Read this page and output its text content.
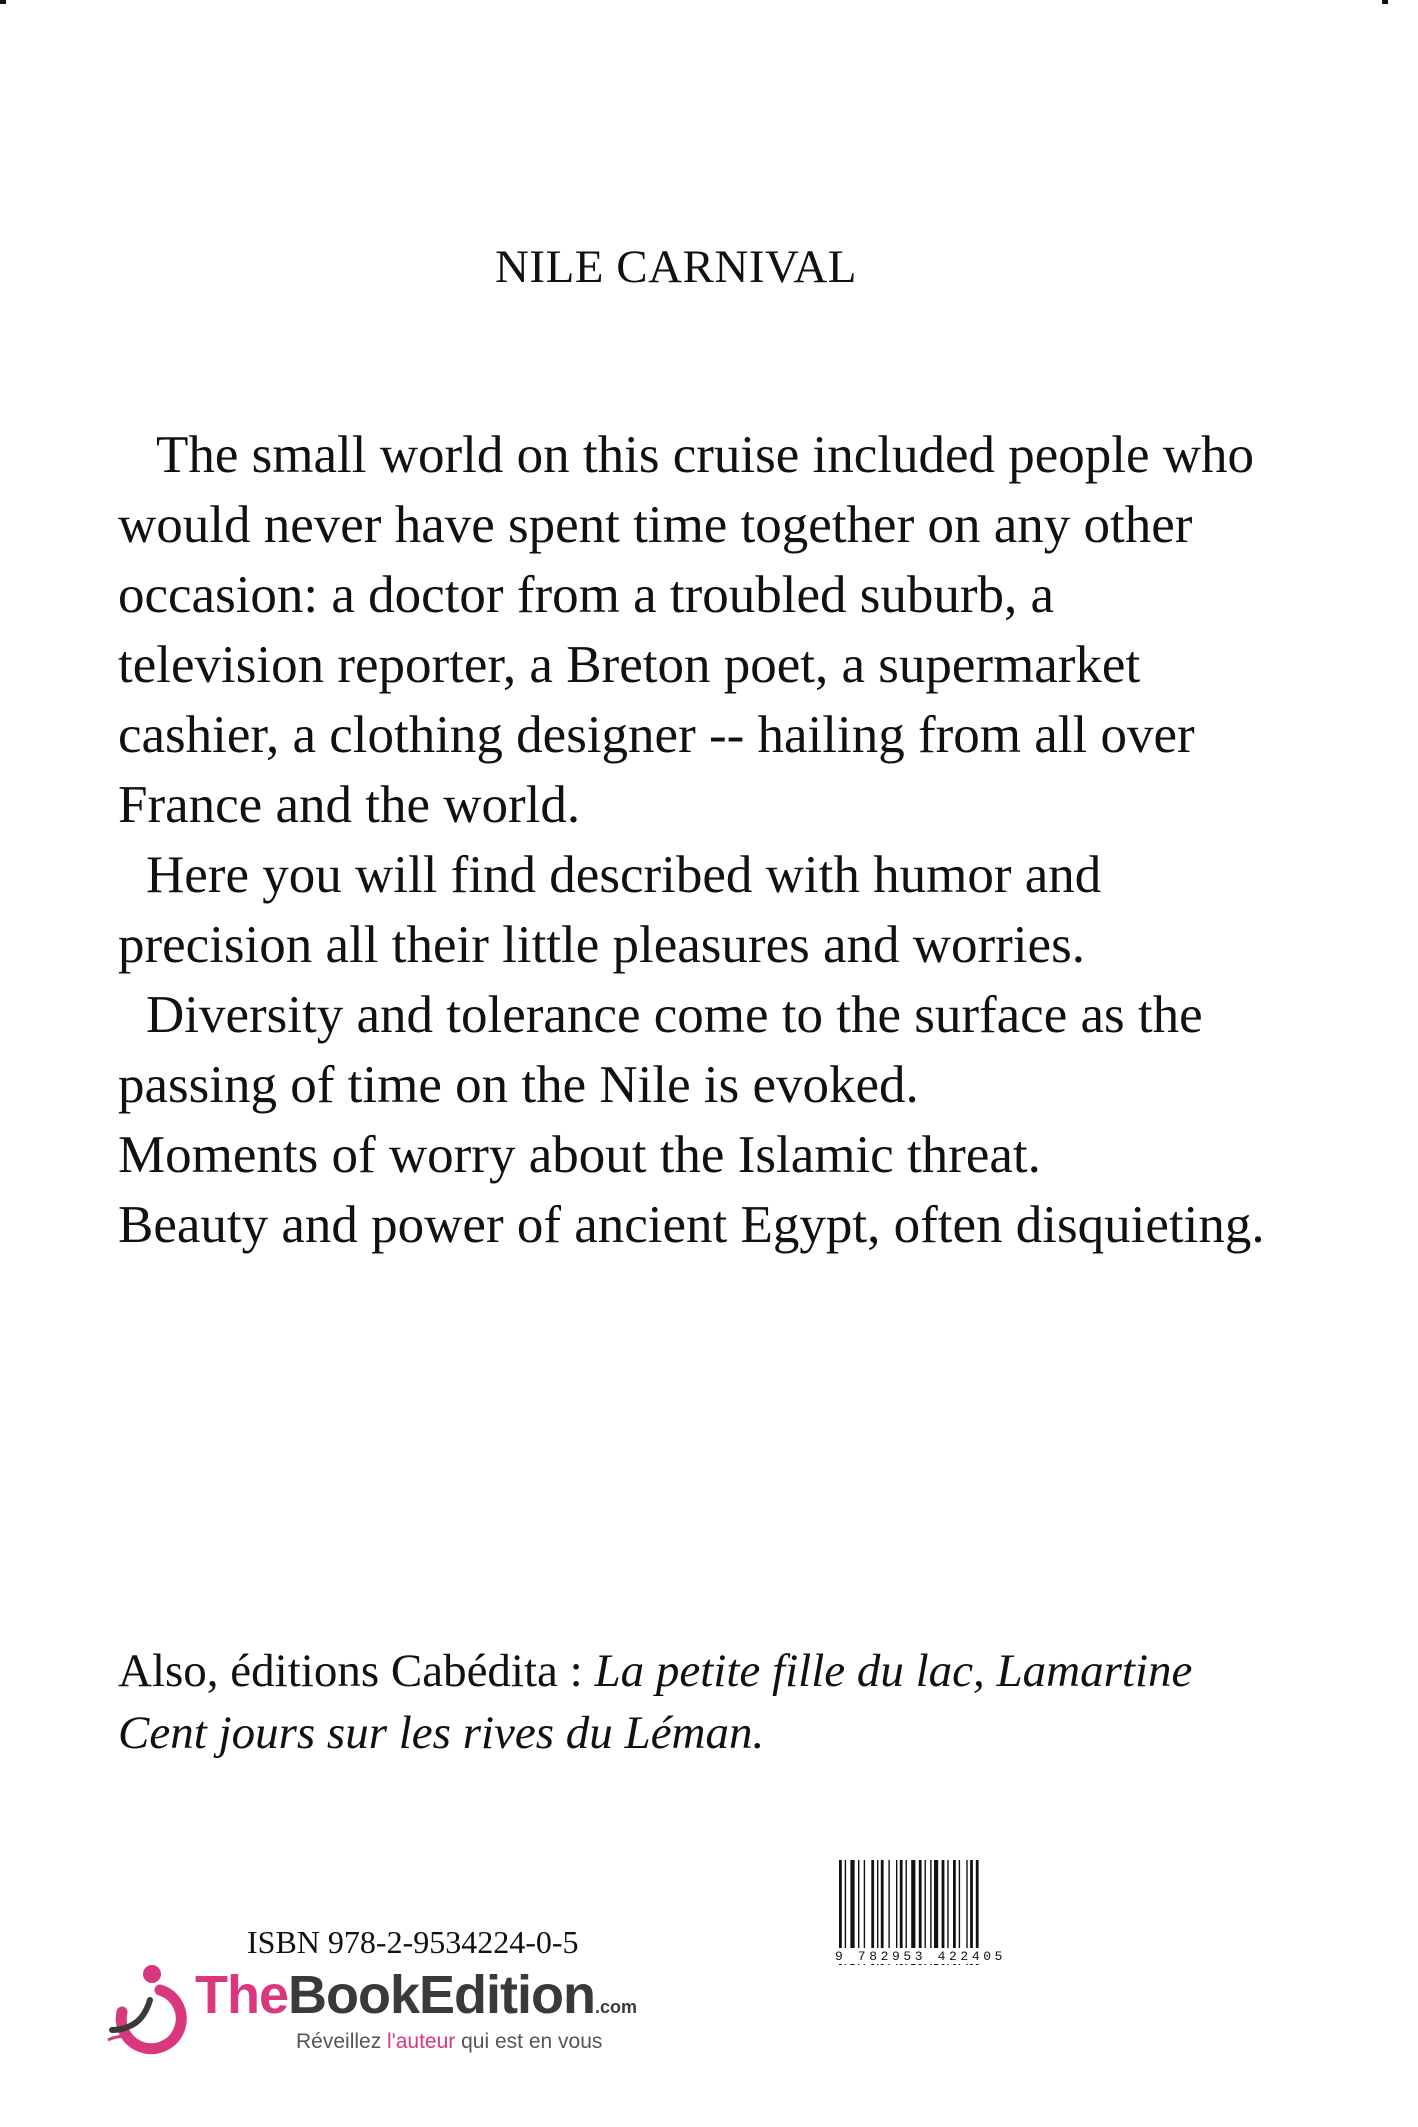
NILE CARNIVAL

The small world on this cruise included people who would never have spent time together on any other occasion: a doctor from a troubled suburb, a television reporter, a Breton poet, a supermarket cashier, a clothing designer -- hailing from all over France and the world.

Here you will find described with humor and precision all their little pleasures and worries.

Diversity and tolerance come to the surface as the passing of time on the Nile is evoked.

Moments of worry about the Islamic threat.

Beauty and power of ancient Egypt, often disquieting.

Also, éditions Cabédita : La petite fille du lac, Lamartine Cent jours sur les rives du Léman.
9 782953 422405
ISBN 978-2-9534224-0-5
TheBookEdition.com
Réveillez l'auteur qui est en vous
